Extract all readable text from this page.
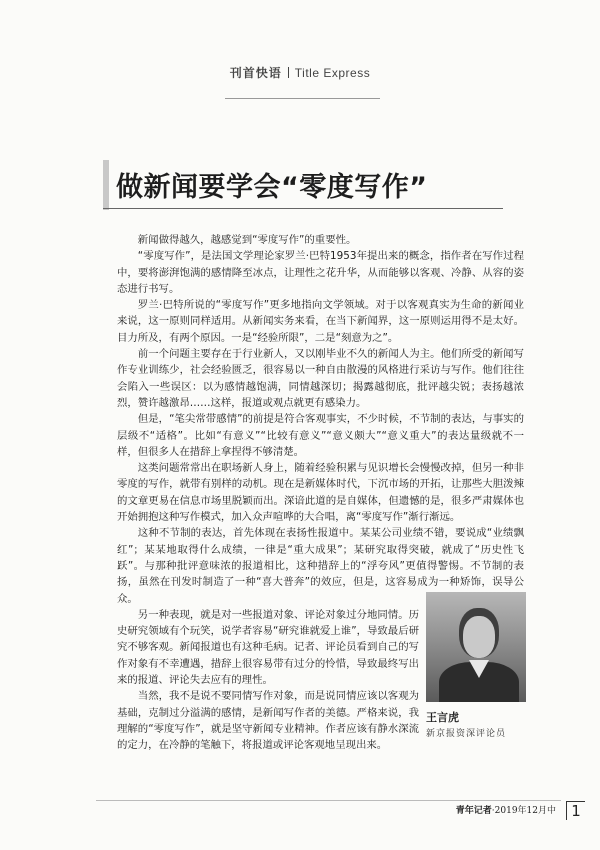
刊首快语 Title Express
做新闻要学会“零度写作”

新闻做得越久，越感觉到“零度写作”的重要性。

“零度写作”，是法国文学理论家罗兰·巴特1953年提出来的概念，指作者在写作过程中，要将澎湃饱满的感情降至冰点，让理性之花升华，从而能够以客观、冷静、从容的姿态进行书写。

罗兰·巴特所说的“零度写作”更多地指向文学领域。对于以客观真实为生命的新闻业来说，这一原则同样适用。从新闻实务来看，在当下新闻界，这一原则运用得不是太好。目力所及，有两个原因。一是“经验所限”，二是“刻意为之”。

前一个问题主要存在于行业新人，又以刚毕业不久的新闻人为主。他们所受的新闻写作专业训练少，社会经验匮乏，很容易以一种自由散漫的风格进行采访与写作。他们往往会陷入一些误区：以为感情越饱满，同情越深切；揭露越彻底，批评越尖锐；表扬越浓烈，赞许越激昂……这样，报道或观点就更有感染力。

但是，“笔尖常带感情”的前提是符合客观事实，不少时候，不节制的表达，与事实的层级不“适格”。比如“有意义”“比较有意义”“意义颇大”“意义重大”的表达量级就不一样，但很多人在措辞上拿捏得不够清楚。

这类问题常常出在职场新人身上，随着经验积累与见识增长会慢慢改掉，但另一种非零度的写作，就带有别样的动机。现在是新媒体时代，下沉市场的开拓，让那些大胆泼辣的文章更易在信息市场里脱颖而出。深谙此道的是自媒体，但遗憾的是，很多严肃媒体也开始拥抱这种写作模式，加入众声喧哗的大合唱，离“零度写作”渐行渐远。

这种不节制的表达，首先体现在表扬性报道中。某某公司业绩不错，要说成“业绩飘红”；某某地取得什么成绩，一律是“重大成果”；某研究取得突破，就成了“历史性飞跃”。与那种批评意味浓的报道相比，这种措辞上的“浮夸风”更值得警惕。不节制的表扬，虽然在刊发时制造了一种“喜大普奔”的效应，但是，这容易成为一种矫饰，误导公众。

另一种表现，就是对一些报道对象、评论对象过分地同情。历史研究领域有个玩笑，说学者容易“研究谁就爱上谁”，导致最后研究不够客观。新闻报道也有这种毛病。记者、评论员看到自己的写作对象有不幸遭遇，措辞上很容易带有过分的怜惜，导致最终写出来的报道、评论失去应有的理性。

当然，我不是说不要同情写作对象，而是说同情应该以客观为基础，克制过分溢满的感情，是新闻写作者的美德。严格来说，我理解的“零度写作”，就是坚守新闻专业精神。作者应该有静水深流的定力，在冷静的笔触下，将报道或评论客观地呈现出来。

王言虎
新京报资深评论员
青年记者·2019年12月中	1
